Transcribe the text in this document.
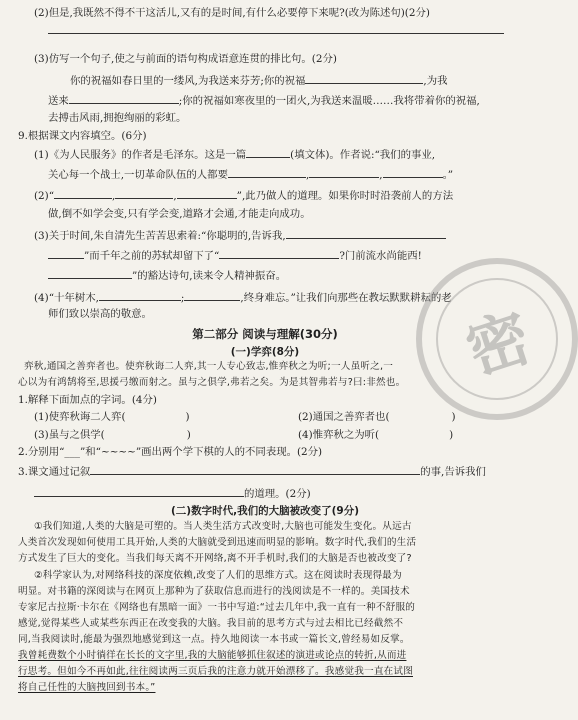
(2)但是,我既然不得不干这活儿,又有的是时间,有什么必要停下来呢?(改为陈述句)(2分)
(3)仿写一个句子,使之与前面的语句构成语意连贯的排比句。(2分)
你的祝福如春日里的一缕风,为我送来芬芳;你的祝福	,为我
送来	;你的祝福如寒夜里的一团火,为我送来温暖……我将带着你的祝福,
去搏击风雨,拥抱绚丽的彩虹。
9.根据课文内容填空。(6分)
(1)《为人民服务》的作者是毛泽东。这是一篇	(填文体)。作者说:“我们的事业,
关心每一个战士,一切革命队伍的人都要	,	,	。”
(2)“	,	,	”,此乃做人的道理。如果你时时沿袭前人的方法
做,倒不如学会变,只有学会变,道路才会通,才能走向成功。
(3)关于时间,朱自清先生苦苦思索着:“你聪明的,告诉我,
”而千年之前的苏轼却留下了“	?门前流水尚能西!
”的豁达诗句,读来令人精神振奋。
(4)“十年树木,	;	,终身难忘。”让我们向那些在教坛默默耕耘的老
师们致以崇高的敬意。
第二部分 阅读与理解(30分)
(一)学弈(8分)
弈秋,通国之善弈者也。使弈秋诲二人弈,其一人专心致志,惟弈秋之为听;一人虽听之,一
心以为有鸿鹄将至,思援弓缴而射之。虽与之俱学,弗若之矣。为是其智弗若与?曰:非然也。
1.解释下面加点的字词。(4分)
(1)使弈秋诲二人弈(	)	(2)通国之善弈者也(	)
(3)虽与之俱学(	)	(4)惟弈秋之为听(	)
2.分别用“___”和“~~~~”画出两个学下棋的人的不同表现。(2分)
3.课文通过记叙	的事,告诉我们
的道理。(2分)
(二)数字时代,我们的大脑被改变了(9分)
①我们知道,人类的大脑是可塑的。当人类生活方式改变时,大脑也可能发生变化。从远古
人类首次发现如何使用工具开始,人类的大脑就受到迅速而明显的影响。数字时代,我们的生活
方式发生了巨大的变化。当我们每天离不开网络,离不开手机时,我们的大脑是否也被改变了?
②科学家认为,对网络科技的深度依赖,改变了人们的思维方式。这在阅读时表现得最为
明显。对书籍的深阅读与在网页上那种为了获取信息而进行的浅阅读是不一样的。美国技术
专家尼古拉斯·卡尔在《网络也有黑暗一面》一书中写道:“过去几年中,我一直有一种不舒服的
感觉,觉得某些人或某些东西正在改变我的大脑。我目前的思考方式与过去相比已经截然不
同,当我阅读时,能最为强烈地感觉到这一点。持久地阅读一本书或一篇长文,曾经易如反掌。
我曾耗费数个小时徜徉在长长的文字里,我的大脑能够抓住叙述的演进或论点的转折,从而进
行思考。但如今不再如此,往往阅读两三页后我的注意力就开始漂移了。我感觉我一直在试图
将自己任性的大脑拽回到书本。”
密
